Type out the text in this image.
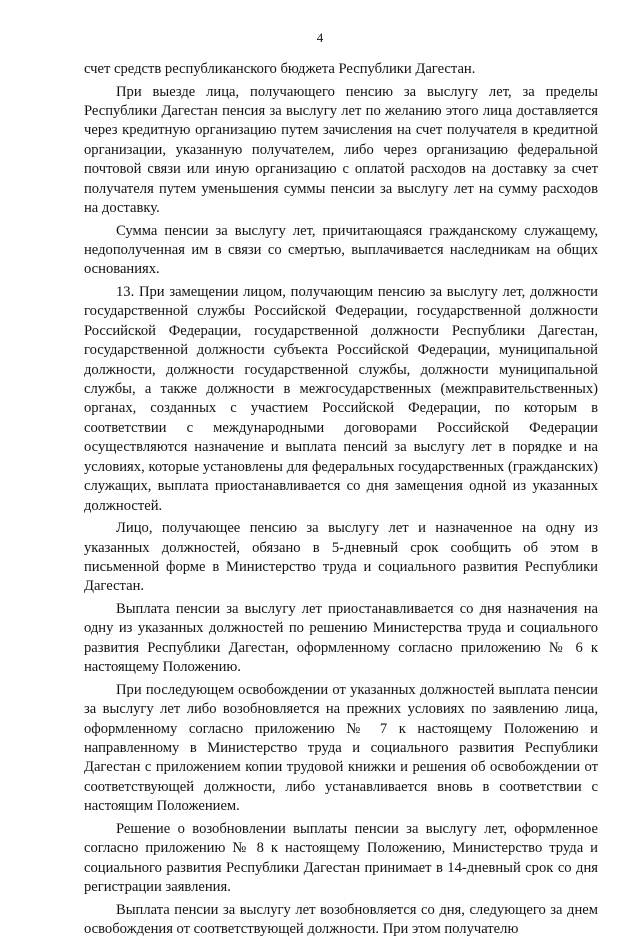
4

счет средств республиканского бюджета Республики Дагестан.

При выезде лица, получающего пенсию за выслугу лет, за пределы Республики Дагестан пенсия за выслугу лет по желанию этого лица доставляется через кредитную организацию путем зачисления на счет получателя в кредитной организации, указанную получателем, либо через организацию федеральной почтовой связи или иную организацию с оплатой расходов на доставку за счет получателя путем уменьшения суммы пенсии за выслугу лет на сумму расходов на доставку.

Сумма пенсии за выслугу лет, причитающаяся гражданскому служащему, недополученная им в связи со смертью, выплачивается наследникам на общих основаниях.

13. При замещении лицом, получающим пенсию за выслугу лет, должности государственной службы Российской Федерации, государственной должности Российской Федерации, государственной должности Республики Дагестан, государственной должности субъекта Российской Федерации, муниципальной должности, должности государственной службы, должности муниципальной службы, а также должности в межгосударственных (межправительственных) органах, созданных с участием Российской Федерации, по которым в соответствии с международными договорами Российской Федерации осуществляются назначение и выплата пенсий за выслугу лет в порядке и на условиях, которые установлены для федеральных государственных (гражданских) служащих, выплата приостанавливается со дня замещения одной из указанных должностей.

Лицо, получающее пенсию за выслугу лет и назначенное на одну из указанных должностей, обязано в 5-дневный срок сообщить об этом в письменной форме в Министерство труда и социального развития Республики Дагестан.

Выплата пенсии за выслугу лет приостанавливается со дня назначения на одну из указанных должностей по решению Министерства труда и социального развития Республики Дагестан, оформленному согласно приложению № 6 к настоящему Положению.

При последующем освобождении от указанных должностей выплата пенсии за выслугу лет либо возобновляется на прежних условиях по заявлению лица, оформленному согласно приложению № 7 к настоящему Положению и направленному в Министерство труда и социального развития Республики Дагестан с приложением копии трудовой книжки и решения об освобождении от соответствующей должности, либо устанавливается вновь в соответствии с настоящим Положением.

Решение о возобновлении выплаты пенсии за выслугу лет, оформленное согласно приложению № 8 к настоящему Положению, Министерство труда и социального развития Республики Дагестан принимает в 14-дневный срок со дня регистрации заявления.

Выплата пенсии за выслугу лет возобновляется со дня, следующего за днем освобождения от соответствующей должности. При этом получателю
